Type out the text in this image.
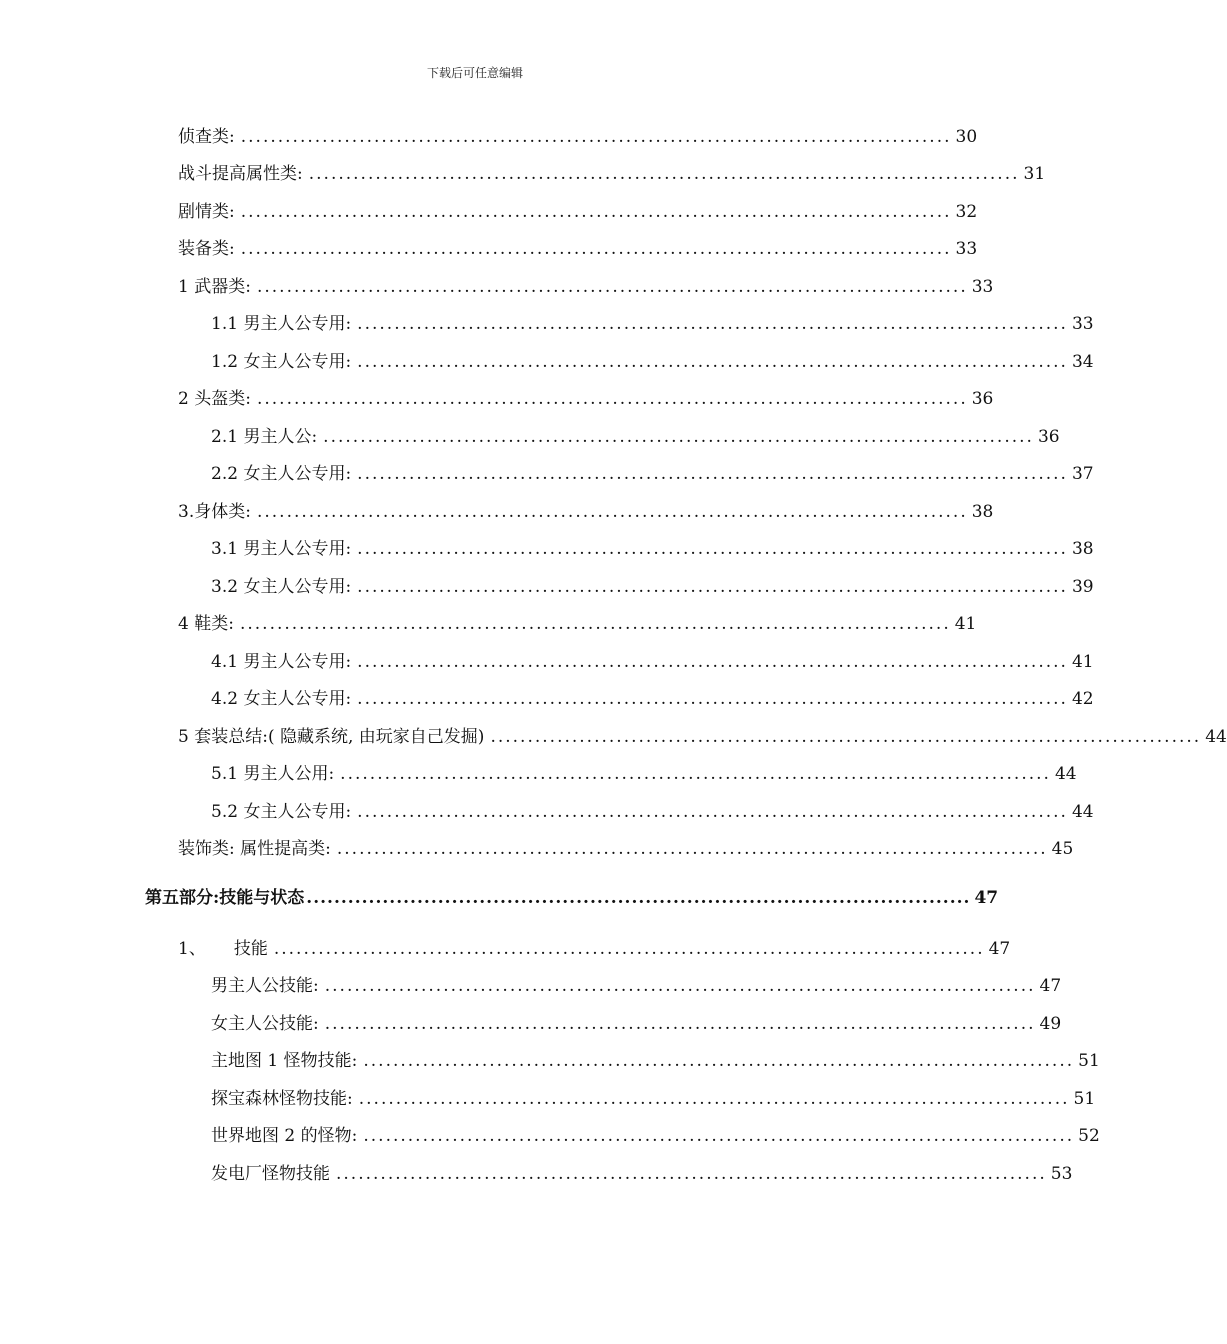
下载后可任意编辑
侦查类: ................................................................................................ 30
战斗提高属性类: ................................................................................................ 31
剧情类: ................................................................................................ 32
装备类: ................................................................................................ 33
1 武器类: ................................................................................................ 33
1.1 男主人公专用: ................................................................................................ 33
1.2 女主人公专用: ................................................................................................ 34
2 头盔类: ................................................................................................ 36
2.1 男主人公: ................................................................................................ 36
2.2 女主人公专用: ................................................................................................ 37
3.身体类: ................................................................................................ 38
3.1 男主人公专用: ................................................................................................ 38
3.2 女主人公专用: ................................................................................................ 39
4 鞋类: ................................................................................................ 41
4.1 男主人公专用: ................................................................................................ 41
4.2 女主人公专用: ................................................................................................ 42
5 套装总结:( 隐藏系统, 由玩家自己发掘) ................................................................................................ 44
5.1 男主人公用: ................................................................................................ 44
5.2 女主人公专用: ................................................................................................ 44
装饰类: 属性提高类: ................................................................................................ 45
第五部分:技能与状态 ................................................................................................ 47
1、 技能 ................................................................................................ 47
男主人公技能: ................................................................................................ 47
女主人公技能: ................................................................................................ 49
主地图 1 怪物技能: ................................................................................................ 51
探宝森林怪物技能: ................................................................................................ 51
世界地图 2 的怪物: ................................................................................................ 52
发电厂怪物技能 ................................................................................................ 53
